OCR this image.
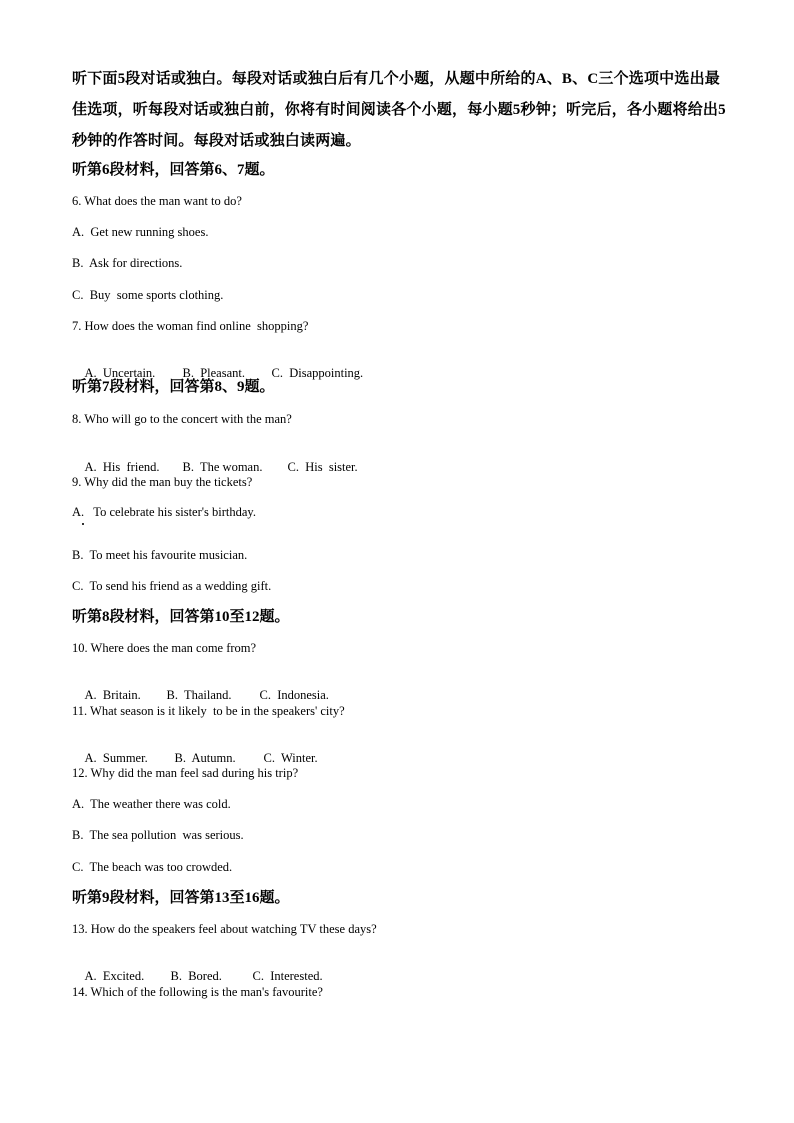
听下面5段对话或独白。每段对话或独白后有几个小题，从题中所给的A、B、C三个选项中选出最佳选项，听每段对话或独白前，你将有时间阅读各个小题，每小题5秒钟；听完后，各小题将给出5秒钟的作答时间。每段对话或独白读两遍。
听第6段材料，回答第6、7题。
6. What does the man want to do?
A.  Get new running shoes.
B.  Ask for directions.
C.  Buy  some sports clothing.
7. How does the woman find online  shopping?

A.  Uncertain. B.  Pleasant. C.  Disappointing.

听第7段材料，回答第8、9题。
8. Who will go to the concert with the man?

A.  His  friend. B.  The woman. C.  His  sister.

9. Why did the man buy the tickets?
A.   To celebrate his sister's birthday.
B.  To meet his favourite musician.
C.  To send his friend as a wedding gift.
听第8段材料，回答第10至12题。
10. Where does the man come from?

A.  Britain. B.  Thailand. C.  Indonesia.

11. What season is it likely  to be in the speakers' city?

A.  Summer. B.  Autumn. C.  Winter.

12. Why did the man feel sad during his trip?
A.  The weather there was cold.
B.  The sea pollution  was serious.
C.  The beach was too crowded.
听第9段材料，回答第13至16题。
13. How do the speakers feel about watching TV these days?

A.  Excited. B.  Bored. C.  Interested.

14. Which of the following is the man's favourite?
